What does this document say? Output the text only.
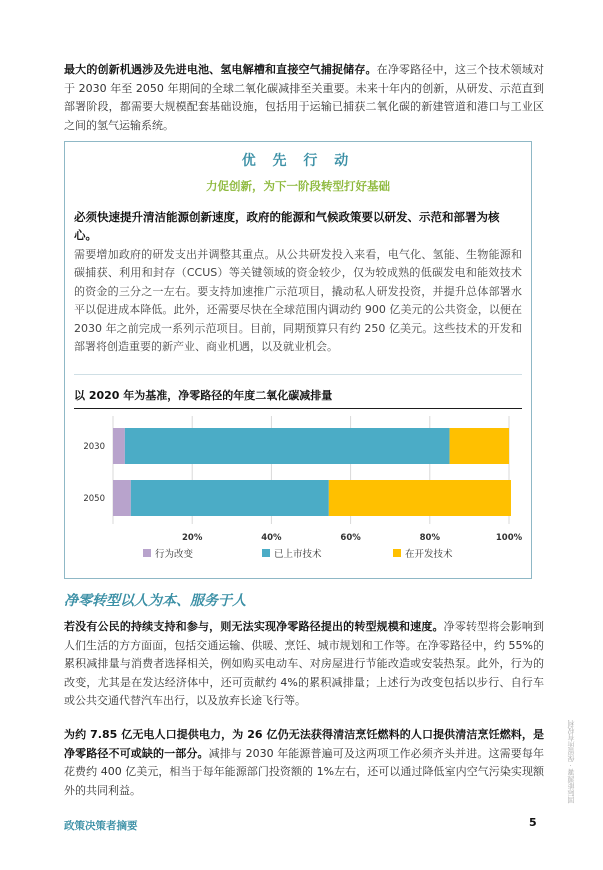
最大的创新机遇涉及先进电池、氢电解槽和直接空气捕捉储存。在净零路径中，这三个技术领域对于 2030 年至 2050 年期间的全球二氧化碳减排至关重要。未来十年内的创新，从研发、示范直到部署阶段，都需要大规模配套基础设施，包括用于运输已捕获二氧化碳的新建管道和港口与工业区之间的氢气运输系统。
优 先 行 动
力促创新，为下一阶段转型打好基础
必须快速提升清洁能源创新速度，政府的能源和气候政策要以研发、示范和部署为核心。
需要增加政府的研发支出并调整其重点。从公共研发投入来看，电气化、氢能、生物能源和碳捕获、利用和封存（CCUS）等关键领域的资金较少，仅为较成熟的低碳发电和能效技术的资金的三分之一左右。要支持加速推广示范项目，撬动私人研发投资，并提升总体部署水平以促进成本降低。此外，还需要尽快在全球范围内调动约 900 亿美元的公共资金，以便在 2030 年之前完成一系列示范项目。目前，同期预算只有约 250 亿美元。这些技术的开发和部署将创造重要的新产业、商业机遇，以及就业机会。
以 2020 年为基准，净零路径的年度二氧化碳减排量
2030
2050
20%	40%	60%	80%	100%
行为改变	已上市技术	在开发技术
净零转型以人为本、服务于人
若没有公民的持续支持和参与，则无法实现净零路径提出的转型规模和速度。净零转型将会影响到人们生活的方方面面，包括交通运输、供暖、烹饪、城市规划和工作等。在净零路径中，约 55%的累积减排量与消费者选择相关，例如购买电动车、对房屋进行节能改造或安装热泵。此外，行为的改变，尤其是在发达经济体中，还可贡献约 4%的累积减排量；上述行为改变包括以步行、自行车或公共交通代替汽车出行，以及放弃长途飞行等。
为约 7.85 亿无电人口提供电力，为 26 亿仍无法获得清洁烹饪燃料的人口提供清洁烹饪燃料，是净零路径不可或缺的一部分。减排与 2030 年能源普遍可及这两项工作必须齐头并进。这需要每年花费约 400 亿美元，相当于每年能源部门投资额的 1%左右，还可以通过降低室内空气污染实现额外的共同利益。
政策决策者摘要	5
国际能源署 · 保留所有权利
